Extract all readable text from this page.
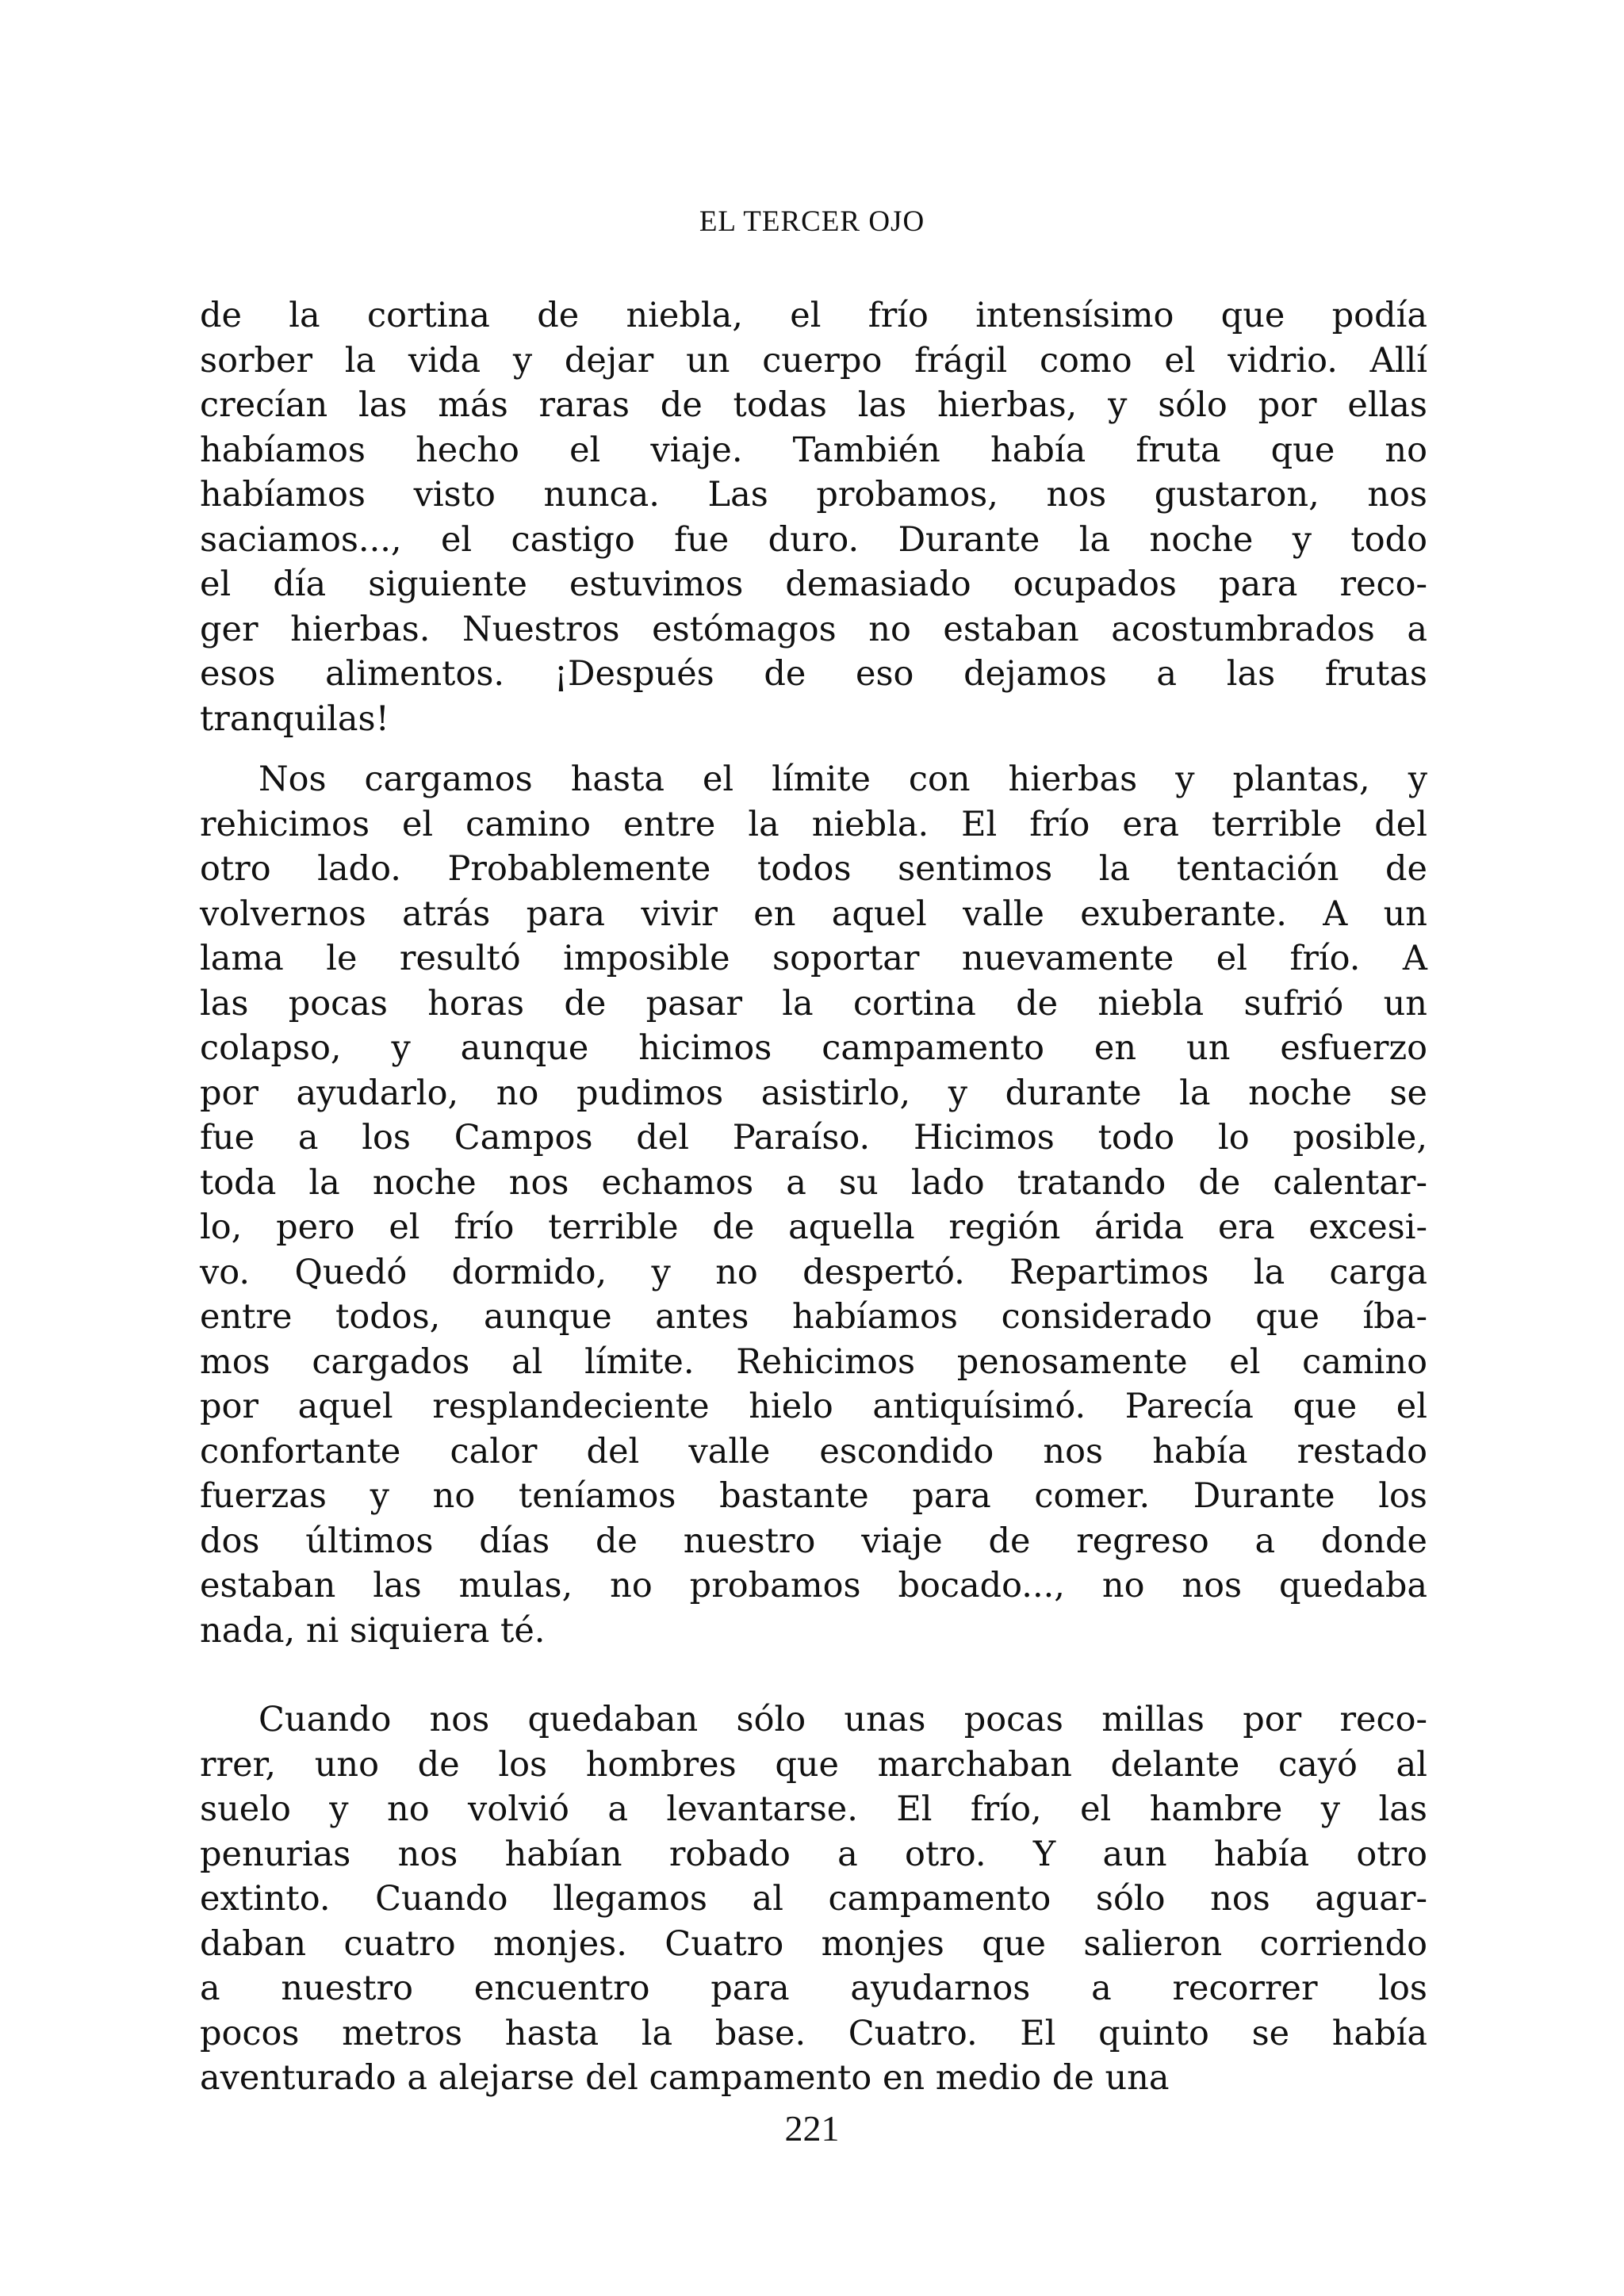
EL TERCER OJO
de la cortina de niebla, el frío intensísimo que podía
sorber la vida y dejar un cuerpo frágil como el vidrio. Allí
crecían las más raras de todas las hierbas, y sólo por ellas
habíamos hecho el viaje. También había fruta que no
habíamos visto nunca. Las probamos, nos gustaron, nos
saciamos..., el castigo fue duro. Durante la noche y todo
el día siguiente estuvimos demasiado ocupados para reco-
ger hierbas. Nuestros estómagos no estaban acostumbrados a
esos alimentos. ¡Después de eso dejamos a las frutas
tranquilas!
Nos cargamos hasta el límite con hierbas y plantas, y
rehicimos el camino entre la niebla. El frío era terrible del
otro lado. Probablemente todos sentimos la tentación de
volvernos atrás para vivir en aquel valle exuberante. A un
lama le resultó imposible soportar nuevamente el frío. A
las pocas horas de pasar la cortina de niebla sufrió un
colapso, y aunque hicimos campamento en un esfuerzo
por ayudarlo, no pudimos asistirlo, y durante la noche se
fue a los Campos del Paraíso. Hicimos todo lo posible,
toda la noche nos echamos a su lado tratando de calentar-
lo, pero el frío terrible de aquella región árida era excesi-
vo. Quedó dormido, y no despertó. Repartimos la carga
entre todos, aunque antes habíamos considerado que íba-
mos cargados al límite. Rehicimos penosamente el camino
por aquel resplandeciente hielo antiquísimó. Parecía que el
confortante calor del valle escondido nos había restado
fuerzas y no teníamos bastante para comer. Durante los
dos últimos días de nuestro viaje de regreso a donde
estaban las mulas, no probamos bocado..., no nos quedaba
nada, ni siquiera té.
Cuando nos quedaban sólo unas pocas millas por reco-
rrer, uno de los hombres que marchaban delante cayó al
suelo y no volvió a levantarse. El frío, el hambre y las
penurias nos habían robado a otro. Y aun había otro
extinto. Cuando llegamos al campamento sólo nos aguar-
daban cuatro monjes. Cuatro monjes que salieron corriendo
a nuestro encuentro para ayudarnos a recorrer los
pocos metros hasta la base. Cuatro. El quinto se había
aventurado a alejarse del campamento en medio de una
221
